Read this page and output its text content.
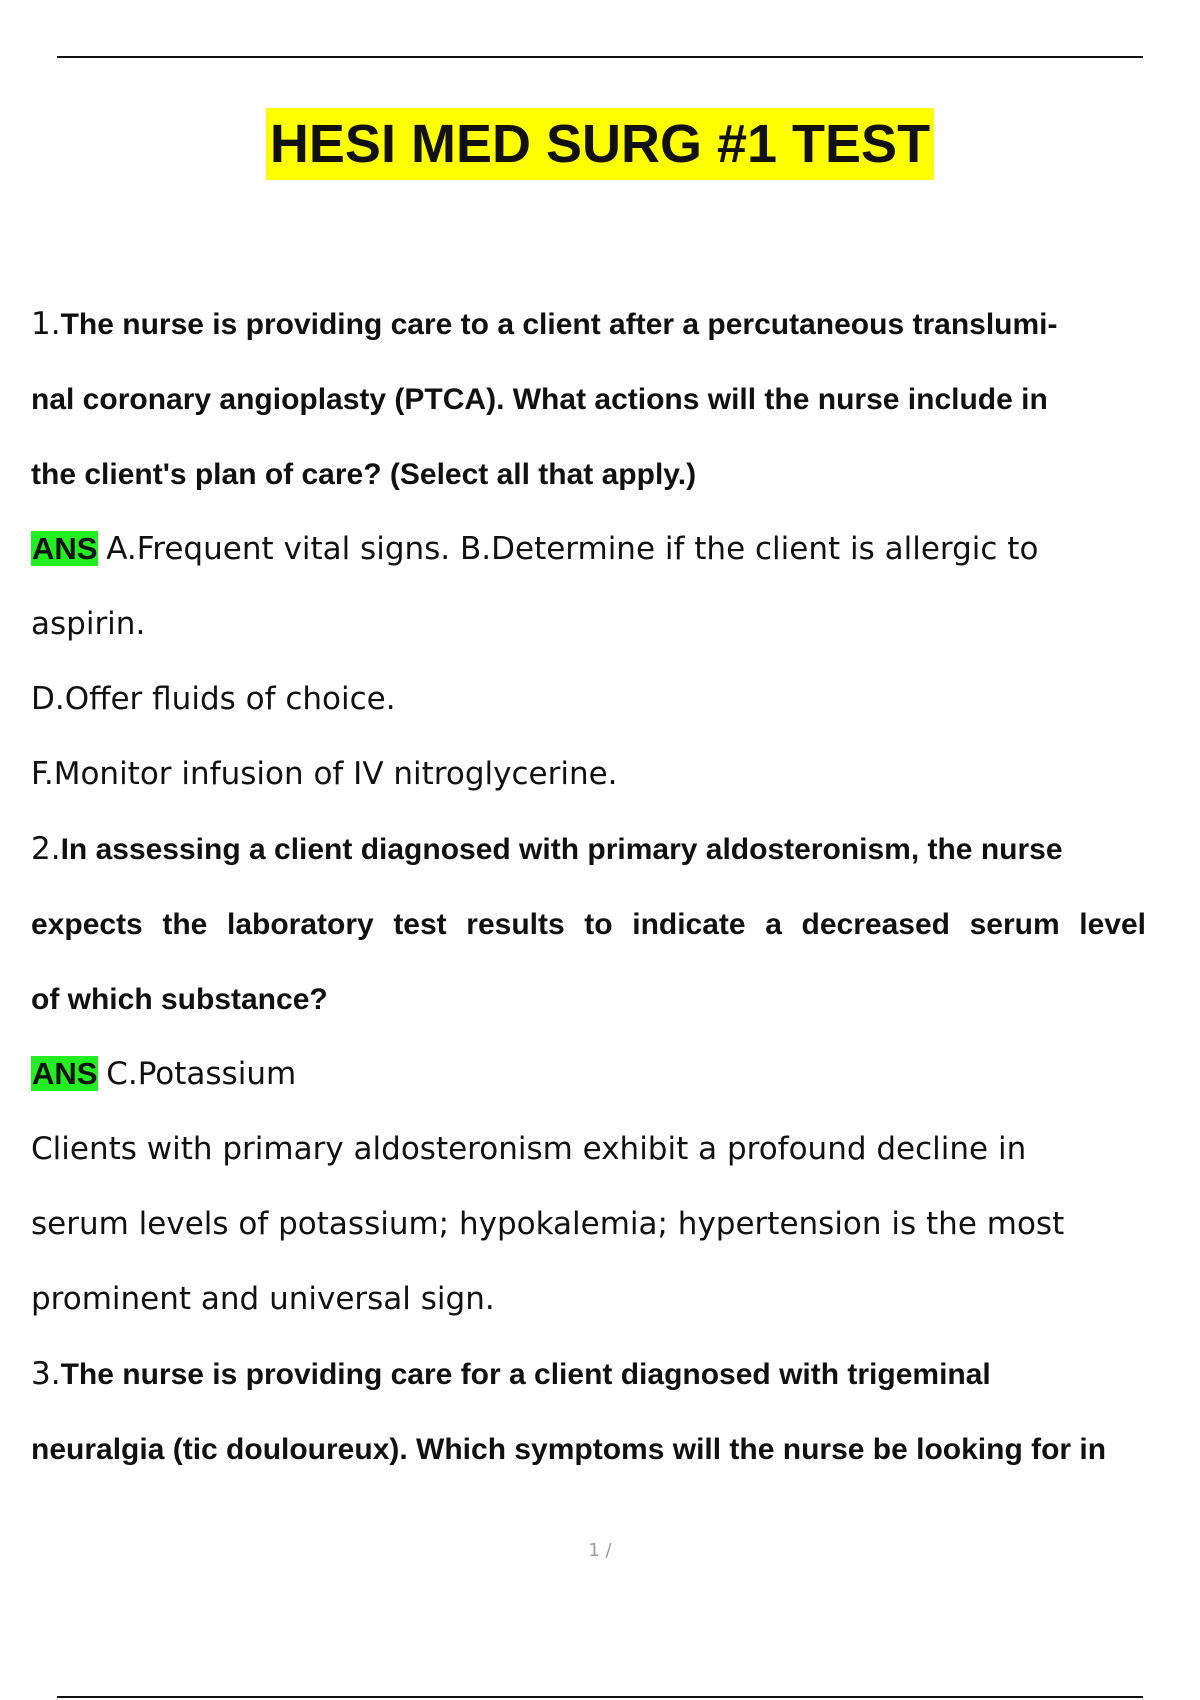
HESI MED SURG #1 TEST
1.The nurse is providing care to a client after a percutaneous translumi-
nal coronary angioplasty (PTCA). What actions will the nurse include in
the client's plan of care? (Select all that apply.)
ANS A.Frequent vital signs. B.Determine if the client is allergic to
aspirin.
D.Offer fluids of choice.
F.Monitor infusion of IV nitroglycerine.
2.In assessing a client diagnosed with primary aldosteronism, the nurse
expects the laboratory test results to indicate a decreased serum level
of which substance?
ANS C.Potassium
Clients with primary aldosteronism exhibit a profound decline in
serum levels of potassium; hypokalemia; hypertension is the most
prominent and universal sign.
3.The nurse is providing care for a client diagnosed with trigeminal
neuralgia (tic douloureux). Which symptoms will the nurse be looking for in
1 /
